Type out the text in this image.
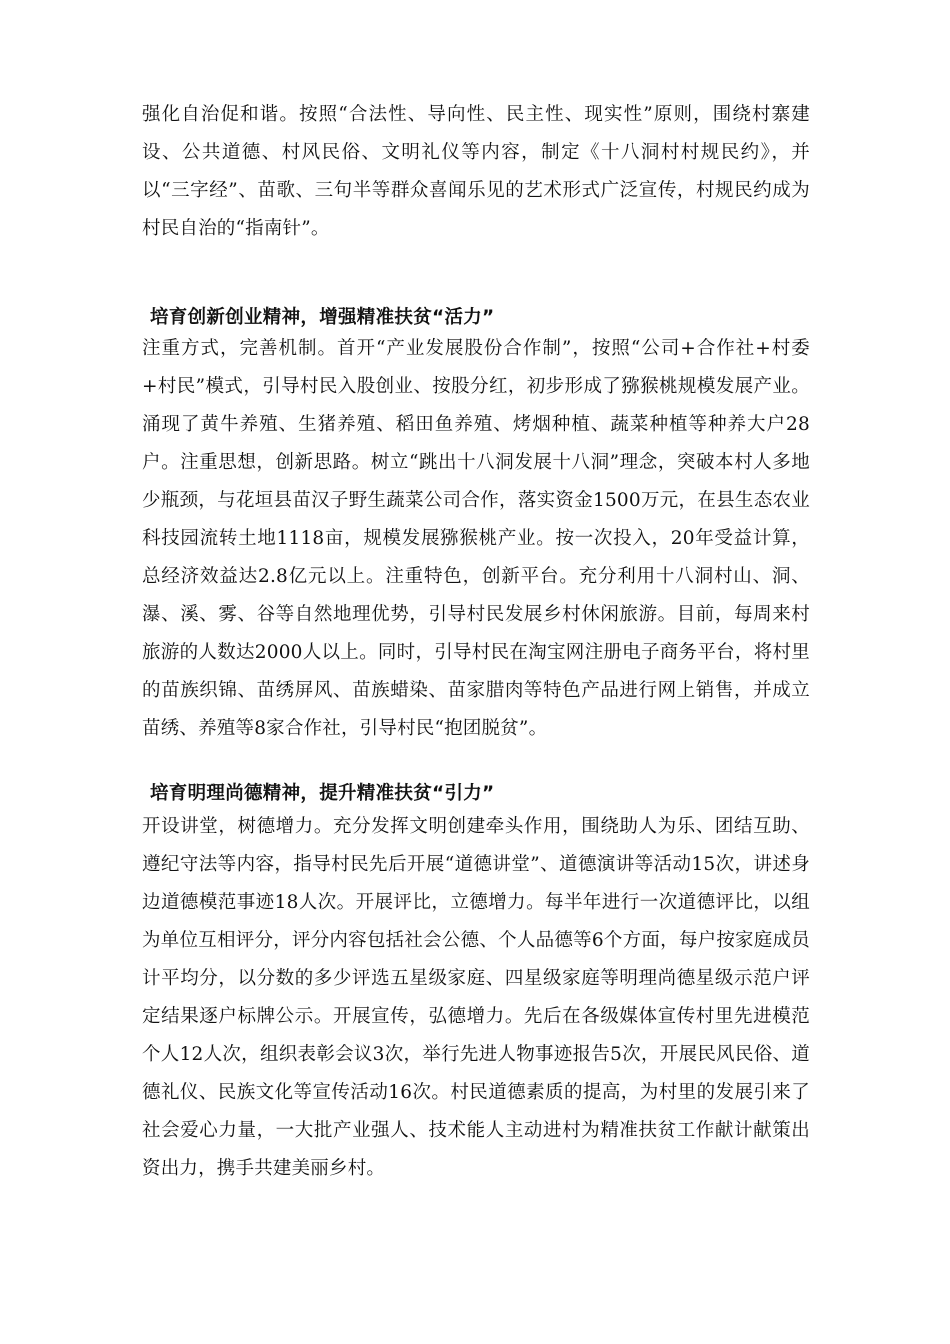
强化自治促和谐。按照“合法性、导向性、民主性、现实性”原则，围绕村寨建设、公共道德、村风民俗、文明礼仪等内容，制定《十八洞村村规民约》，并以“三字经”、苗歌、三句半等群众喜闻乐见的艺术形式广泛宣传，村规民约成为村民自治的“指南针”。

培育创新创业精神，增强精准扶贫“活力”

注重方式，完善机制。首开“产业发展股份合作制”，按照“公司+合作社+村委+村民”模式，引导村民入股创业、按股分红，初步形成了猕猴桃规模发展产业。涌现了黄牛养殖、生猪养殖、稻田鱼养殖、烤烟种植、蔬菜种植等种养大户28户。注重思想，创新思路。树立“跳出十八洞发展十八洞”理念，突破本村人多地少瓶颈，与花垣县苗汉子野生蔬菜公司合作，落实资金1500万元，在县生态农业科技园流转土地1118亩，规模发展猕猴桃产业。按一次投入，20年受益计算，总经济效益达2.8亿元以上。注重特色，创新平台。充分利用十八洞村山、洞、瀑、溪、雾、谷等自然地理优势，引导村民发展乡村休闲旅游。目前，每周来村旅游的人数达2000人以上。同时，引导村民在淘宝网注册电子商务平台，将村里的苗族织锦、苗绣屏风、苗族蜡染、苗家腊肉等特色产品进行网上销售，并成立苗绣、养殖等8家合作社，引导村民“抱团脱贫”。

培育明理尚德精神，提升精准扶贫“引力”

开设讲堂，树德增力。充分发挥文明创建牵头作用，围绕助人为乐、团结互助、遵纪守法等内容，指导村民先后开展“道德讲堂”、道德演讲等活动15次，讲述身边道德模范事迹18人次。开展评比，立德增力。每半年进行一次道德评比，以组为单位互相评分，评分内容包括社会公德、个人品德等6个方面，每户按家庭成员计平均分，以分数的多少评选五星级家庭、四星级家庭等明理尚德星级示范户评定结果逐户标牌公示。开展宣传，弘德增力。先后在各级媒体宣传村里先进模范个人12人次，组织表彰会议3次，举行先进人物事迹报告5次，开展民风民俗、道德礼仪、民族文化等宣传活动16次。村民道德素质的提高，为村里的发展引来了社会爱心力量，一大批产业强人、技术能人主动进村为精准扶贫工作献计献策出资出力，携手共建美丽乡村。
